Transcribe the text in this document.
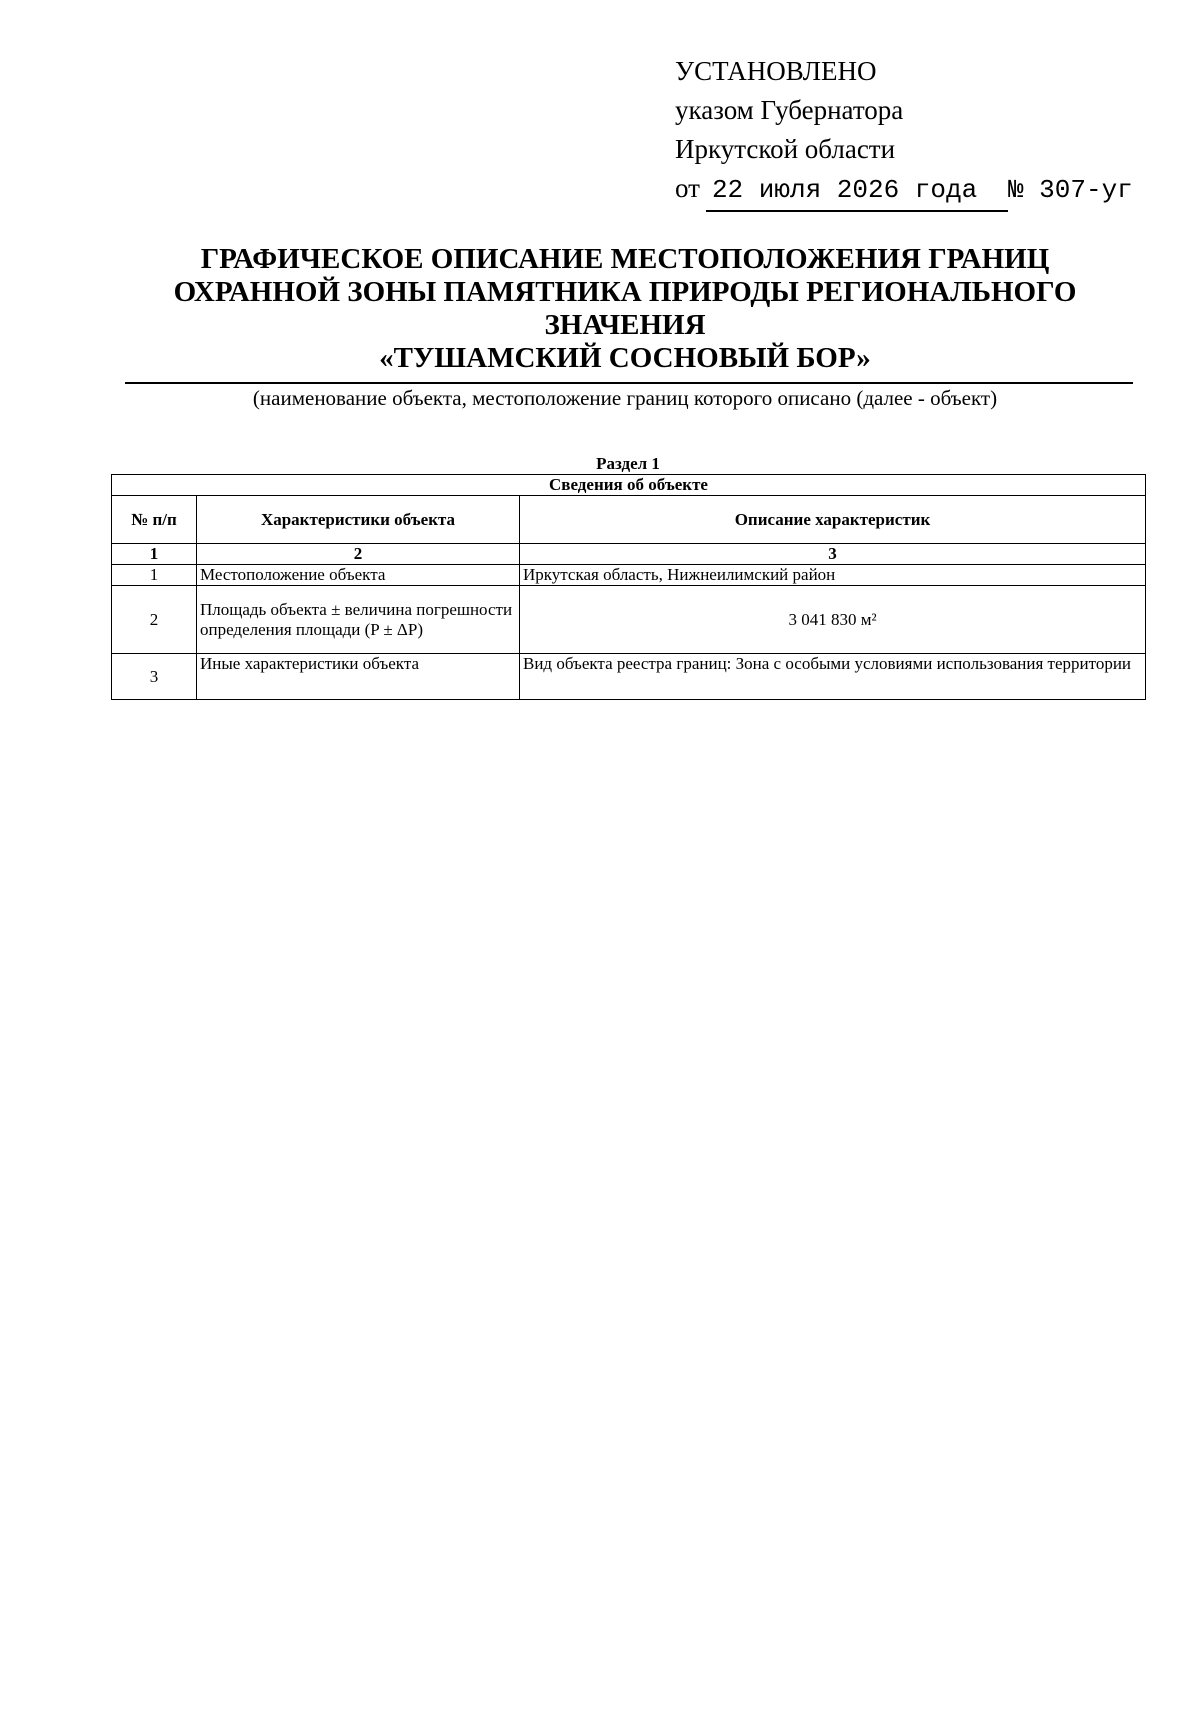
УСТАНОВЛЕНО
указом Губернатора
Иркутской области
от 22 июля 2026 года	№ 307-уг
ГРАФИЧЕСКОЕ ОПИСАНИЕ МЕСТОПОЛОЖЕНИЯ ГРАНИЦ
ОХРАННОЙ ЗОНЫ ПАМЯТНИКА ПРИРОДЫ РЕГИОНАЛЬНОГО
ЗНАЧЕНИЯ
«ТУШАМСКИЙ СОСНОВЫЙ БОР»
(наименование объекта, местоположение границ которого описано (далее - объект)
Раздел 1
Сведения об объекте		
№ п/п	Характеристики объекта	Описание характеристик
1	2	3
1	Местоположение объекта	Иркутская область, Нижнеилимский район
2	Площадь объекта ± величина погрешности определения площади (P ± ΔP)	3 041 830 м²
3	Иные характеристики объекта	Вид объекта реестра границ: Зона с особыми условиями использования территории
